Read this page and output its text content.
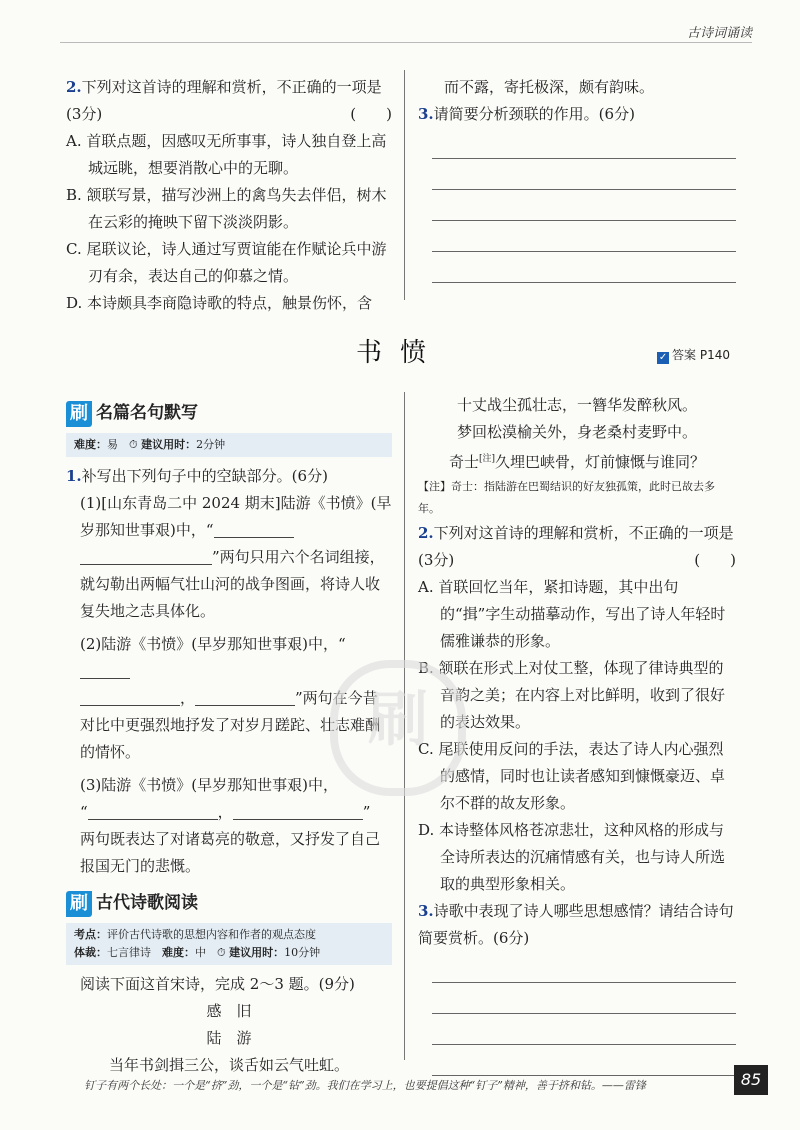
古诗词诵读

2.下列对这首诗的理解和赏析，不正确的一项是

(3分)	(　　)

A. 首联点题，因感叹无所事事，诗人独自登上高城远眺，想要消散心中的无聊。

B. 颔联写景，描写沙洲上的禽鸟失去伴侣，树木在云彩的掩映下留下淡淡阴影。

C. 尾联议论，诗人通过写贾谊能在作赋论兵中游刃有余，表达自己的仰慕之情。

D. 本诗颇具李商隐诗歌的特点，触景伤怀，含

而不露，寄托极深，颇有韵味。

3.请简要分析颈联的作用。(6分)

书愤	✓ 答案 P140
刷 名篇名句默写
难度：易　⏱ 建议用时：2分钟

1.补写出下列句子中的空缺部分。(6分)

(1)[山东青岛二中 2024 期末]陆游《书愤》(早岁那知世事艰)中，“
”两句只用六个名词组接，就勾勒出两幅气壮山河的战争图画，将诗人收复失地之志具体化。

(2)陆游《书愤》(早岁那知世事艰)中，“
，	”两句在今昔对比中更强烈地抒发了对岁月蹉跎、壮志难酬的情怀。

(3)陆游《书愤》(早岁那知世事艰)中，
“	，	”
两句既表达了对诸葛亮的敬意，又抒发了自己报国无门的悲慨。

刷 古代诗歌阅读
考点：评价古代诗歌的思想内容和作者的观点态度
体裁：七言律诗　 难度：中　⏱ 建议用时：10分钟

阅读下面这首宋诗，完成 2～3 题。(9分)

感　旧

陆　游

当年书剑揖三公，谈舌如云气吐虹。

十丈战尘孤壮志，一簪华发醉秋风。

梦回松漠榆关外，身老桑村麦野中。

奇士[注]久埋巴峡骨，灯前慷慨与谁同？

【注】奇士：指陆游在巴蜀结识的好友独孤策，此时已故去多年。

2.下列对这首诗的理解和赏析，不正确的一项是

(3分)	(　　)

A. 首联回忆当年，紧扣诗题，其中出句的“揖”字生动描摹动作，写出了诗人年轻时儒雅谦恭的形象。

B. 颔联在形式上对仗工整，体现了律诗典型的音韵之美；在内容上对比鲜明，收到了很好的表达效果。

C. 尾联使用反问的手法，表达了诗人内心强烈的感情，同时也让读者感知到慷慨豪迈、卓尔不群的故友形象。

D. 本诗整体风格苍凉悲壮，这种风格的形成与全诗所表达的沉痛情感有关，也与诗人所选取的典型形象相关。

3.诗歌中表现了诗人哪些思想感情？请结合诗句简要赏析。(6分)

刷
钉子有两个长处：一个是“挤”劲，一个是“钻”劲。我们在学习上，也要提倡这种“钉子”精神，善于挤和钻。——雷锋	85
